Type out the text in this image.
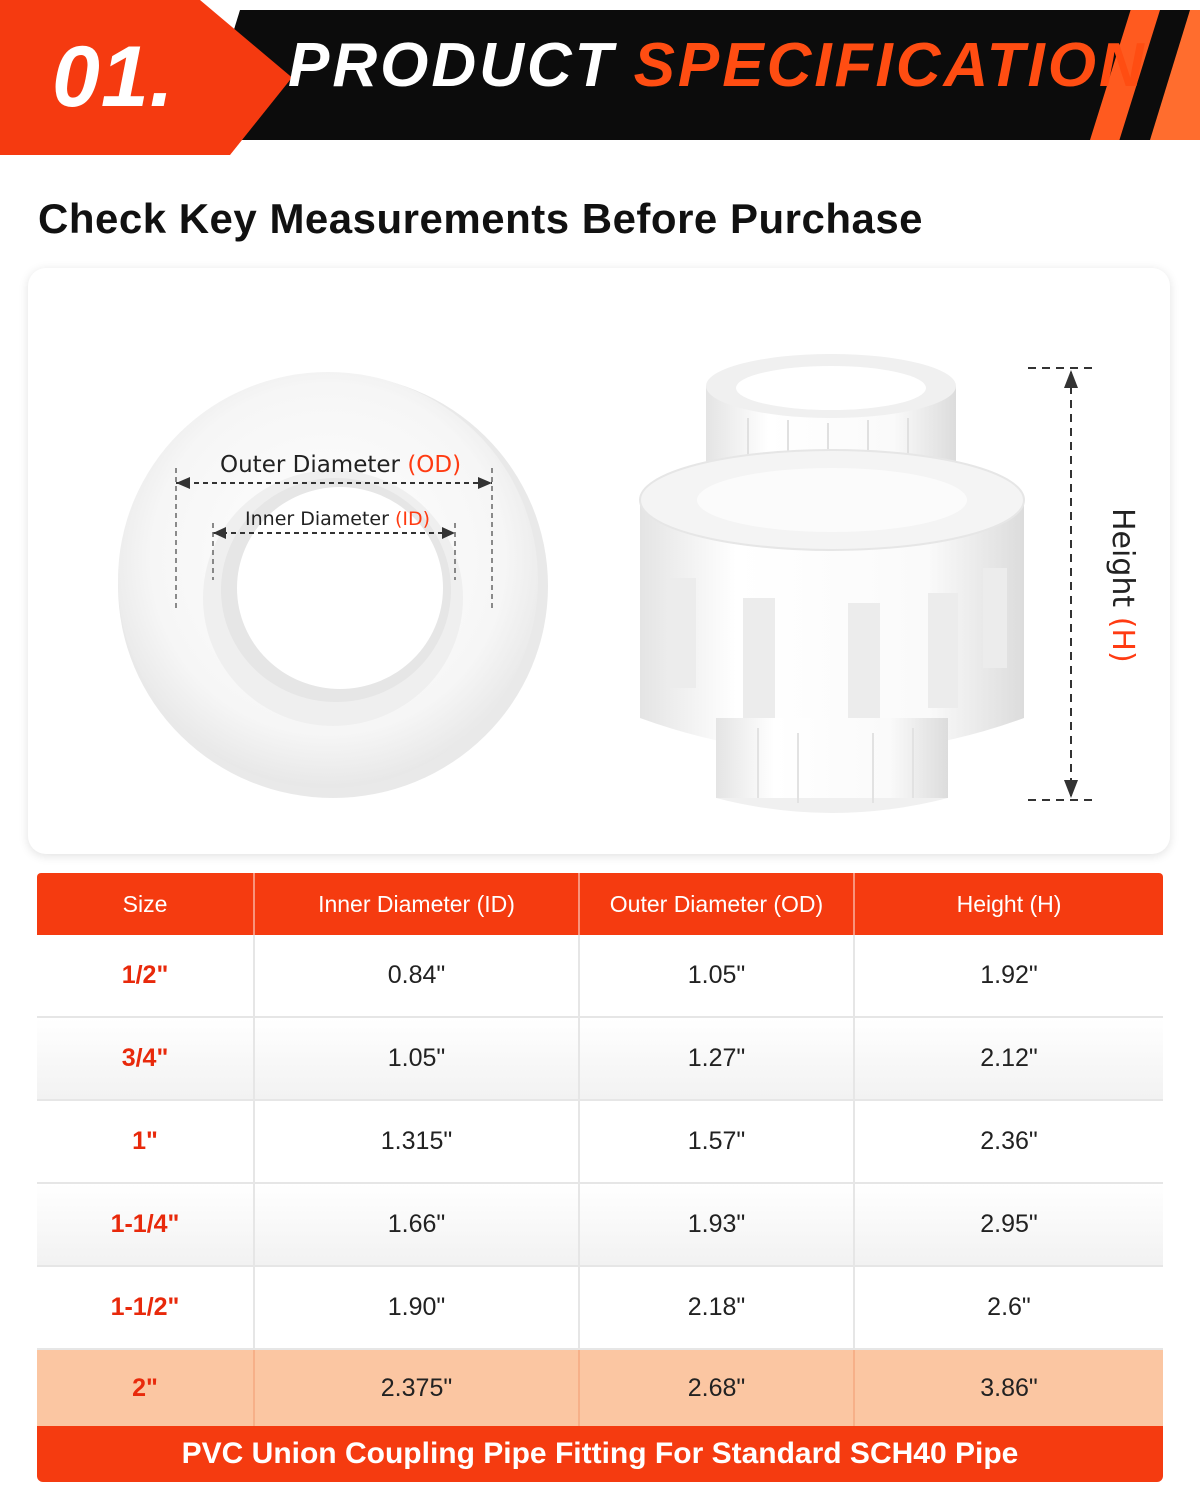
01. PRODUCT SPECIFICATION
Check Key Measurements Before Purchase
Outer Diameter (OD)
Inner Diameter (ID)	Height (H)
Size	Inner Diameter (ID)	Outer Diameter (OD)	Height (H)
1/2"	0.84"	1.05"	1.92"
3/4"	1.05"	1.27"	2.12"
1"	1.315"	1.57"	2.36"
1-1/4"	1.66"	1.93"	2.95"
1-1/2"	1.90"	2.18"	2.6"
2"	2.375"	2.68"	3.86"
PVC Union Coupling Pipe Fitting For Standard SCH40 Pipe
